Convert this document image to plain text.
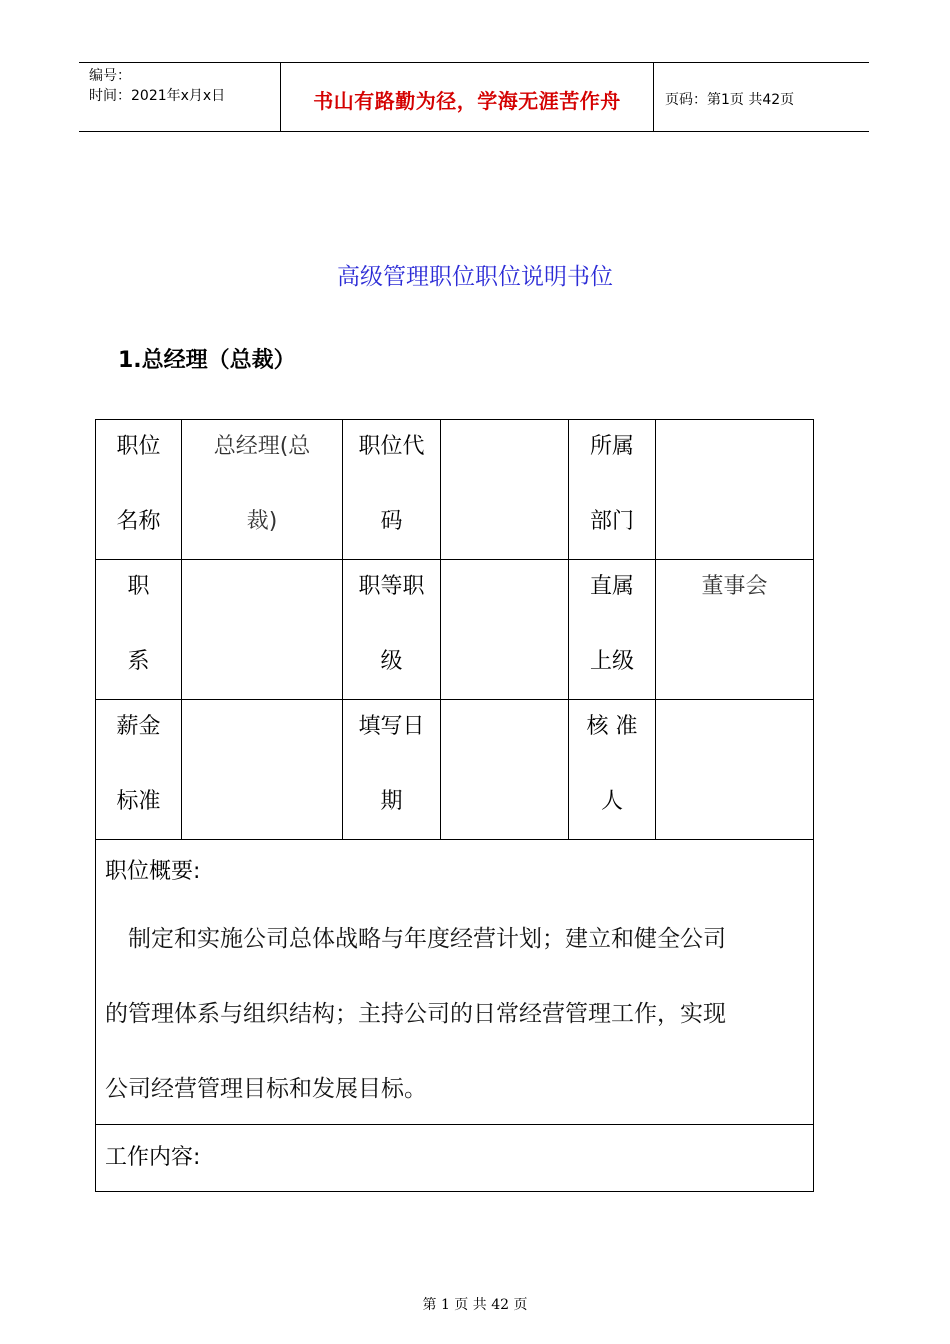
编号：
时间：2021年x月x日	书山有路勤为径，学海无涯苦作舟	页码：第1页 共42页
高级管理职位职位说明书位
1.总经理（总裁）
职位
名称
总经理(总
裁)
职位代
码
所属
部门
职
系
职等职
级
直属
上级
董事会
薪金
标准
填写日
期
核 准
人
职位概要:
　制定和实施公司总体战略与年度经营计划；建立和健全公司
的管理体系与组织结构；主持公司的日常经营管理工作，实现
公司经营管理目标和发展目标。
工作内容:
第 1 页 共 42 页
